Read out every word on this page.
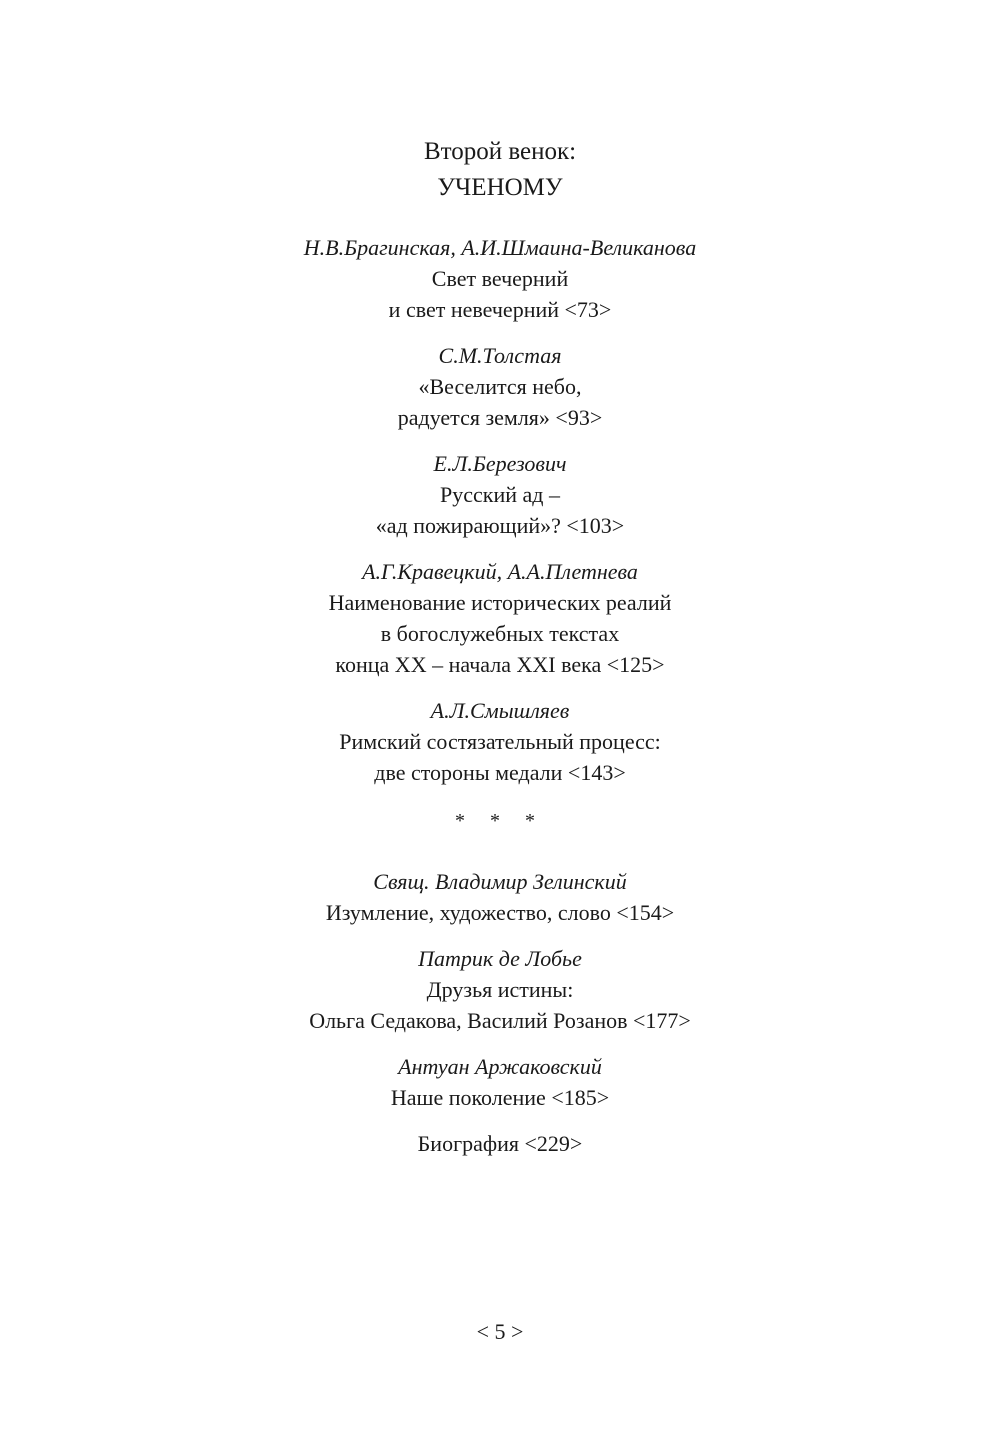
Второй венок:
УЧЕНОМУ
Н.В.Брагинская, А.И.Шмаина-Великанова
Свет вечерний
и свет невечерний <73>
С.М.Толстая
«Веселится небо,
радуется земля» <93>
Е.Л.Березович
Русский ад –
«ад пожирающий»? <103>
А.Г.Кравецкий, А.А.Плетнева
Наименование исторических реалий
в богослужебных текстах
конца XX – начала XXI века <125>
А.Л.Смышляев
Римский состязательный процесс:
две стороны медали <143>
* * *
Свящ. Владимир Зелинский
Изумление, художество, слово <154>
Патрик де Лобье
Друзья истины:
Ольга Седакова, Василий Розанов <177>
Антуан Аржаковский
Наше поколение <185>
Биография <229>
< 5 >
